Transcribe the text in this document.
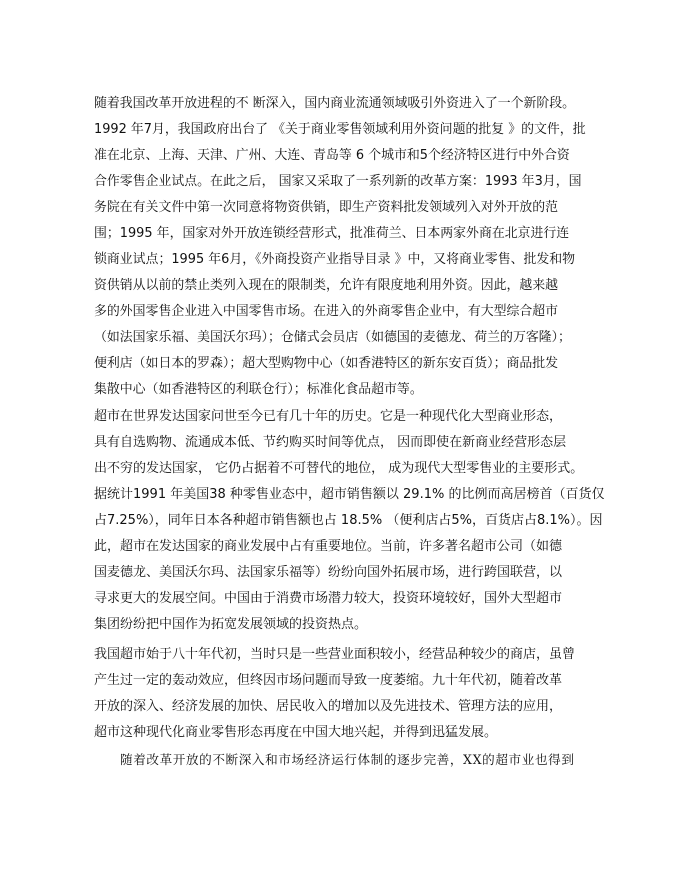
随着我国改革开放进程的不 断深入，国内商业流通领域吸引外资进入了一个新阶段。
1992 年7月，我国政府出台了 《关于商业零售领域利用外资问题的批复 》的文件，批
准在北京、上海、天津、广州、大连、青岛等 6 个城市和5个经济特区进行中外合资
合作零售企业试点。在此之后， 国家又采取了一系列新的改革方案：1993 年3月，国
务院在有关文件中第一次同意将物资供销，即生产资料批发领域列入对外开放的范
围；1995 年，国家对外开放连锁经营形式，批准荷兰、日本两家外商在北京进行连
锁商业试点；1995 年6月，《外商投资产业指导目录 》中，又将商业零售、批发和物
资供销从以前的禁止类列入现在的限制类，允许有限度地利用外资。因此，越来越
多的外国零售企业进入中国零售市场。在进入的外商零售企业中，有大型综合超市
（如法国家乐福、美国沃尔玛）；仓储式会员店（如德国的麦德龙、荷兰的万客隆）；
便利店（如日本的罗森）；超大型购物中心（如香港特区的新东安百货）；商品批发
集散中心（如香港特区的利联仓行）；标准化食品超市等。
超市在世界发达国家问世至今已有几十年的历史。它是一种现代化大型商业形态，
具有自选购物、流通成本低、节约购买时间等优点， 因而即使在新商业经营形态层
出不穷的发达国家， 它仍占据着不可替代的地位， 成为现代大型零售业的主要形式。
据统计1991 年美国38 种零售业态中，超市销售额以 29.1% 的比例而高居榜首（百货仅
占7.25%），同年日本各种超市销售额也占 18.5% （便利店占5%，百货店占8.1%）。因
此，超市在发达国家的商业发展中占有重要地位。当前，许多著名超市公司（如德
国麦德龙、美国沃尔玛、法国家乐福等）纷纷向国外拓展市场，进行跨国联营，以
寻求更大的发展空间。中国由于消费市场潜力较大，投资环境较好，国外大型超市
集团纷纷把中国作为拓宽发展领域的投资热点。
我国超市始于八十年代初，当时只是一些营业面积较小，经营品种较少的商店，虽曾
产生过一定的轰动效应，但终因市场问题而导致一度萎缩。九十年代初，随着改革
开放的深入、经济发展的加快、居民收入的增加以及先进技术、管理方法的应用，
超市这种现代化商业零售形态再度在中国大地兴起，并得到迅猛发展。
随着改革开放的不断深入和市场经济运行体制的逐步完善，XX的超市业也得到
